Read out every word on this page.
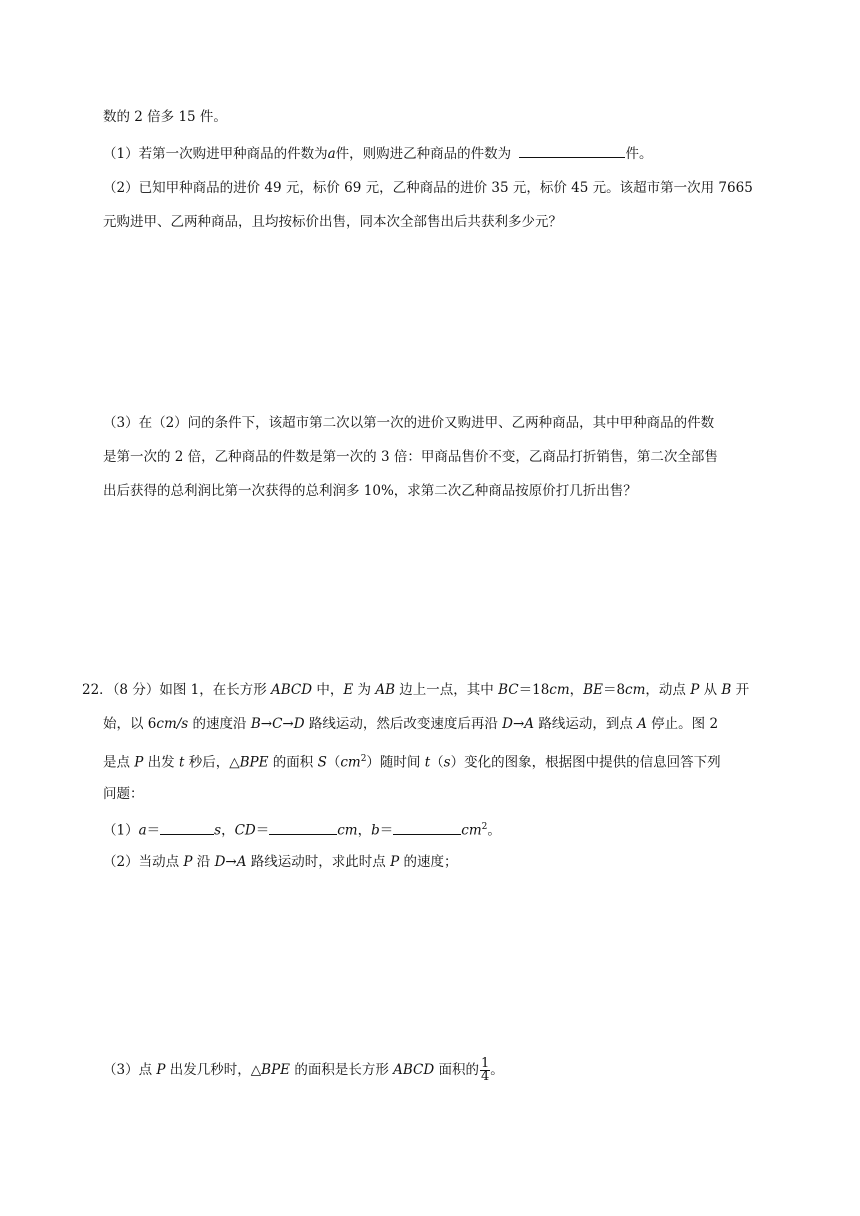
数的 2 倍多 15 件。
（1）若第一次购进甲种商品的件数为a件，则购进乙种商品的件数为	件。
（2）已知甲种商品的进价 49 元，标价 69 元，乙种商品的进价 35 元，标价 45 元。该超市第一次用 7665
元购进甲、乙两种商品，且均按标价出售，同本次全部售出后共获利多少元？
（3）在（2）问的条件下，该超市第二次以第一次的进价又购进甲、乙两种商品，其中甲种商品的件数
是第一次的 2 倍，乙种商品的件数是第一次的 3 倍：甲商品售价不变，乙商品打折销售，第二次全部售
出后获得的总利润比第一次获得的总利润多 10%，求第二次乙种商品按原价打几折出售？
22．（8 分）如图 1，在长方形 ABCD 中，E 为 AB 边上一点，其中 BC＝18cm，BE＝8cm，动点 P 从 B 开
始，以 6cm/s 的速度沿 B→C→D 路线运动，然后改变速度后再沿 D→A 路线运动，到点 A 停止。图 2
是点 P 出发 t 秒后，△BPE 的面积 $S(cm^2)$随时间 t（s）变化的图象，根据图中提供的信息回答下列
问题：
（1）a＝	s，CD＝	cm，b＝	$cm^2$。
（2）当动点 P 沿 D→A 路线运动时，求此时点 P 的速度；
（3）点 P 出发几秒时，△BPE 的面积是长方形 ABCD 面积的 $\frac{1}{4}$ 。
